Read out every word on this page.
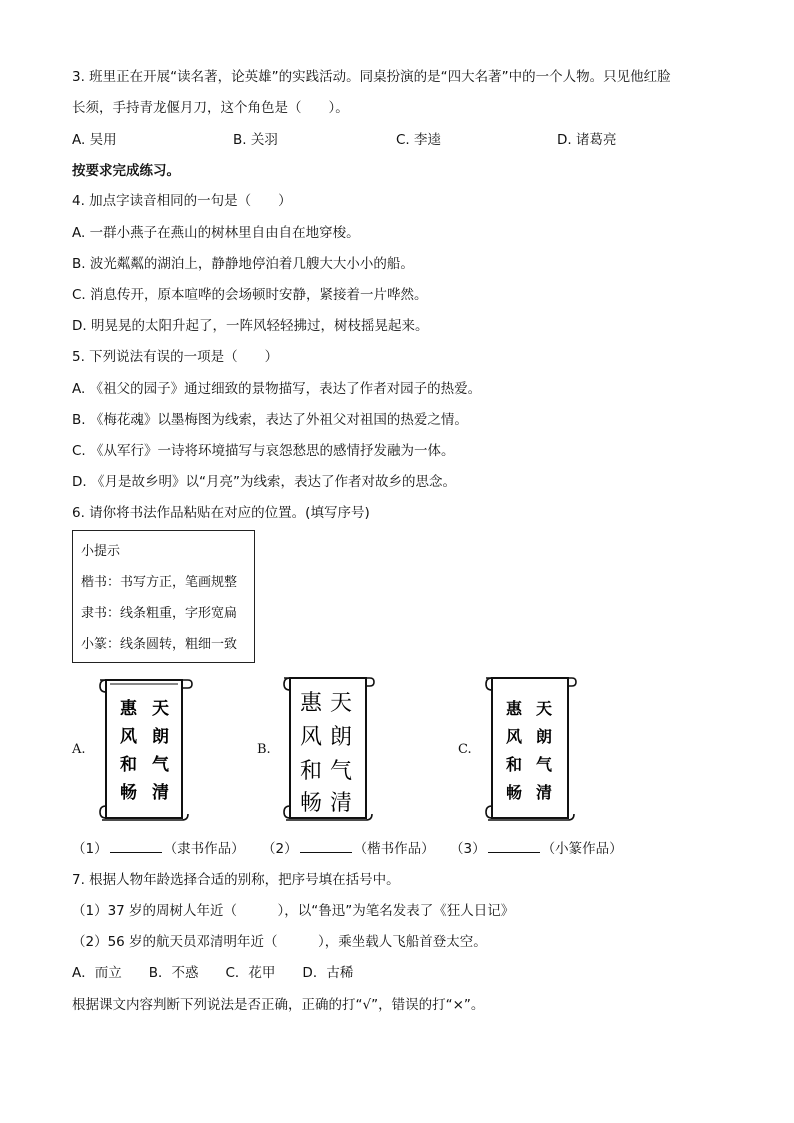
3. 班里正在开展“读名著，论英雄”的实践活动。同桌扮演的是“四大名著”中的一个人物。只见他红脸
长须，手持青龙偃月刀，这个角色是（　　）。
A. 吴用	B. 关羽	C. 李逵	D. 诸葛亮
按要求完成练习。
4. 加点字读音相同的一句是（　　）
A. 一群小燕子在燕山的树林里自由自在地穿梭。
B. 波光粼粼的湖泊上，静静地停泊着几艘大大小小的船。
C. 消息传开，原本喧哗的会场顿时安静，紧接着一片哗然。
D. 明晃晃的太阳升起了，一阵风轻轻拂过，树枝摇晃起来。
5. 下列说法有误的一项是（　　）
A. 《祖父的园子》通过细致的景物描写，表达了作者对园子的热爱。
B. 《梅花魂》以墨梅图为线索，表达了外祖父对祖国的热爱之情。
C. 《从军行》一诗将环境描写与哀怨愁思的感情抒发融为一体。
D. 《月是故乡明》以“月亮”为线索，表达了作者对故乡的思念。
6. 请你将书法作品粘贴在对应的位置。(填写序号)
小提示
楷书：书写方正，笔画规整
隶书：线条粗重，字形宽扁
小篆：线条圆转，粗细一致
A.
天
朗
气
清
惠
风
和
畅
B.
天
朗
气
清
惠
风
和
畅
C.
天
朗
气
清
惠
风
和
畅
（1）	（隶书作品） （2）	（楷书作品） （3）	（小篆作品）
7. 根据人物年龄选择合适的别称，把序号填在括号中。
（1）37 岁的周树人年近（　　　），以“鲁迅”为笔名发表了《狂人日记》
（2）56 岁的航天员邓清明年近（　　　），乘坐载人飞船首登太空。
A．而立　　B．不惑　　C．花甲　　D．古稀
根据课文内容判断下列说法是否正确，正确的打“√”，错误的打“×”。
